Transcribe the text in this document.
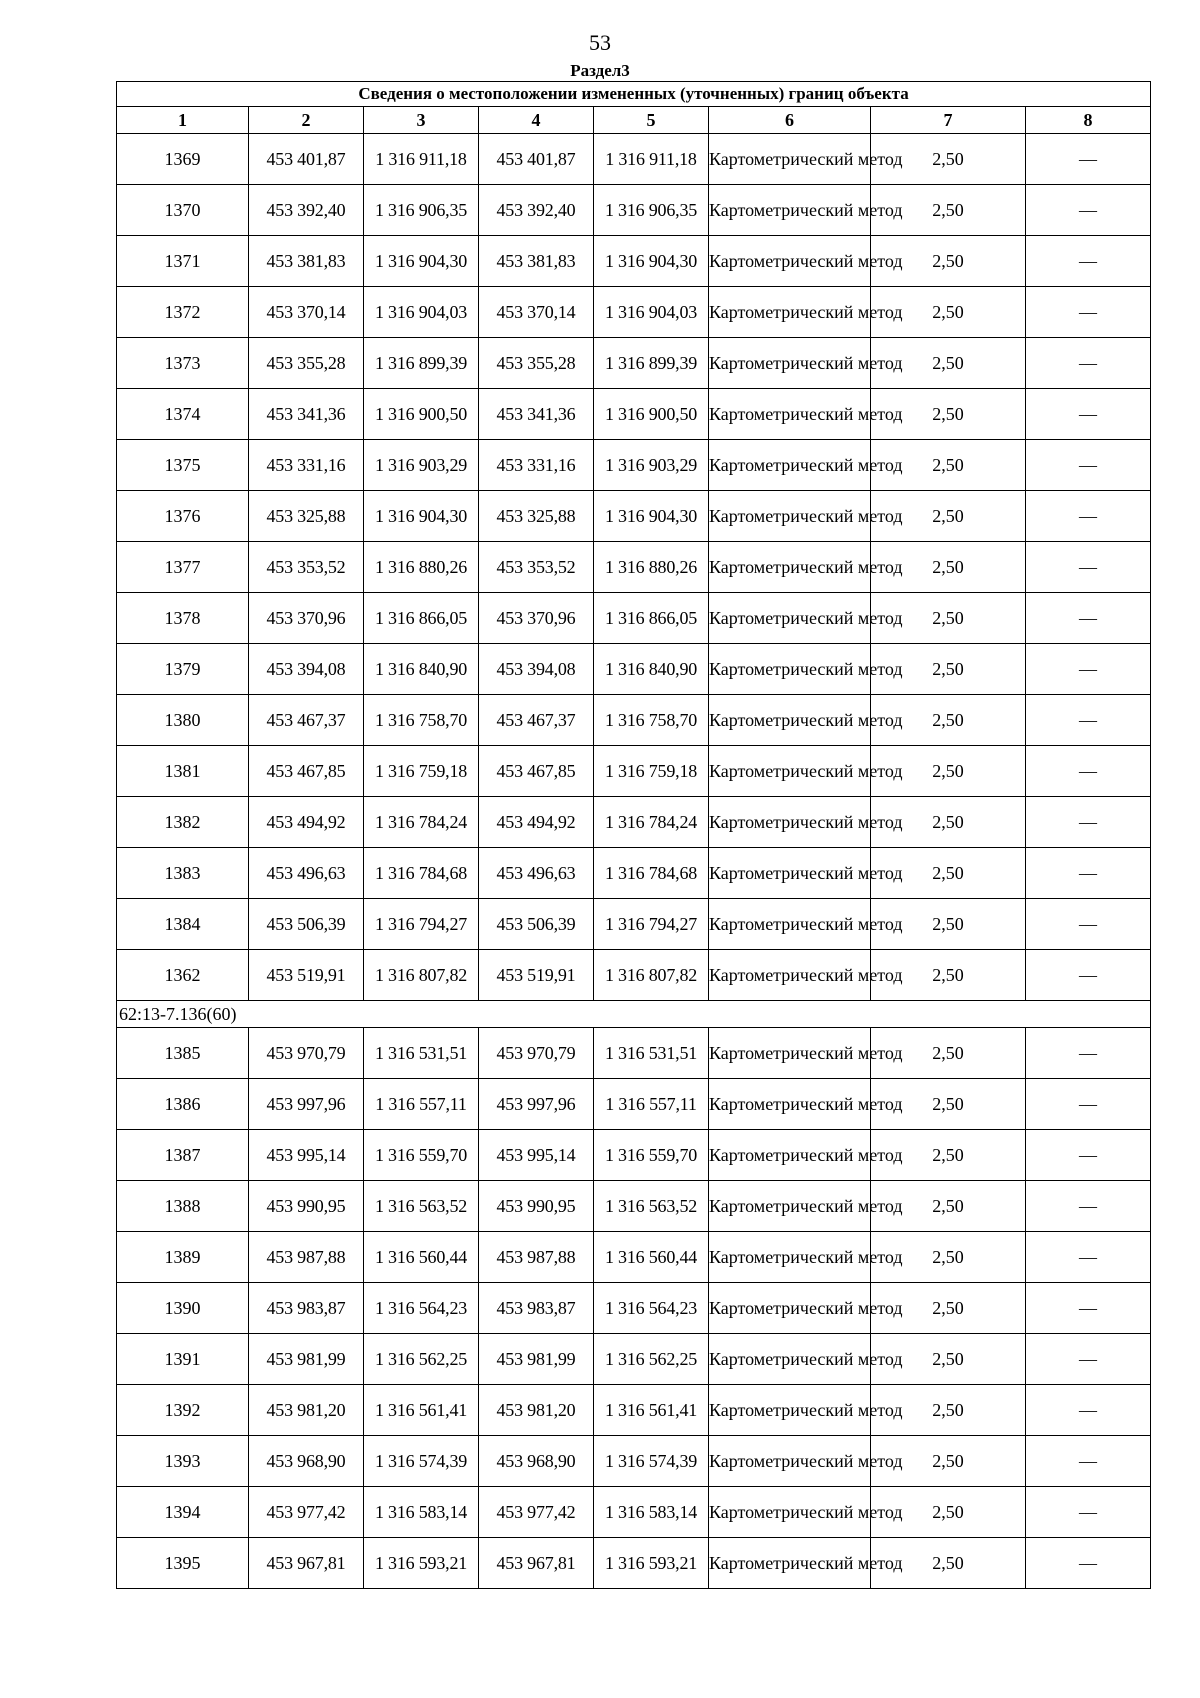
53
Раздел3
Сведения о местоположении измененных (уточненных) границ объекта							
1	2	3	4	5	6	7	8
1369	453 401,87	1 316 911,18	453 401,87	1 316 911,18	Картометрический метод	2,50	—
1370	453 392,40	1 316 906,35	453 392,40	1 316 906,35	Картометрический метод	2,50	—
1371	453 381,83	1 316 904,30	453 381,83	1 316 904,30	Картометрический метод	2,50	—
1372	453 370,14	1 316 904,03	453 370,14	1 316 904,03	Картометрический метод	2,50	—
1373	453 355,28	1 316 899,39	453 355,28	1 316 899,39	Картометрический метод	2,50	—
1374	453 341,36	1 316 900,50	453 341,36	1 316 900,50	Картометрический метод	2,50	—
1375	453 331,16	1 316 903,29	453 331,16	1 316 903,29	Картометрический метод	2,50	—
1376	453 325,88	1 316 904,30	453 325,88	1 316 904,30	Картометрический метод	2,50	—
1377	453 353,52	1 316 880,26	453 353,52	1 316 880,26	Картометрический метод	2,50	—
1378	453 370,96	1 316 866,05	453 370,96	1 316 866,05	Картометрический метод	2,50	—
1379	453 394,08	1 316 840,90	453 394,08	1 316 840,90	Картометрический метод	2,50	—
1380	453 467,37	1 316 758,70	453 467,37	1 316 758,70	Картометрический метод	2,50	—
1381	453 467,85	1 316 759,18	453 467,85	1 316 759,18	Картометрический метод	2,50	—
1382	453 494,92	1 316 784,24	453 494,92	1 316 784,24	Картометрический метод	2,50	—
1383	453 496,63	1 316 784,68	453 496,63	1 316 784,68	Картометрический метод	2,50	—
1384	453 506,39	1 316 794,27	453 506,39	1 316 794,27	Картометрический метод	2,50	—
1362	453 519,91	1 316 807,82	453 519,91	1 316 807,82	Картометрический метод	2,50	—
62:13-7.136(60)							
1385	453 970,79	1 316 531,51	453 970,79	1 316 531,51	Картометрический метод	2,50	—
1386	453 997,96	1 316 557,11	453 997,96	1 316 557,11	Картометрический метод	2,50	—
1387	453 995,14	1 316 559,70	453 995,14	1 316 559,70	Картометрический метод	2,50	—
1388	453 990,95	1 316 563,52	453 990,95	1 316 563,52	Картометрический метод	2,50	—
1389	453 987,88	1 316 560,44	453 987,88	1 316 560,44	Картометрический метод	2,50	—
1390	453 983,87	1 316 564,23	453 983,87	1 316 564,23	Картометрический метод	2,50	—
1391	453 981,99	1 316 562,25	453 981,99	1 316 562,25	Картометрический метод	2,50	—
1392	453 981,20	1 316 561,41	453 981,20	1 316 561,41	Картометрический метод	2,50	—
1393	453 968,90	1 316 574,39	453 968,90	1 316 574,39	Картометрический метод	2,50	—
1394	453 977,42	1 316 583,14	453 977,42	1 316 583,14	Картометрический метод	2,50	—
1395	453 967,81	1 316 593,21	453 967,81	1 316 593,21	Картометрический метод	2,50	—
